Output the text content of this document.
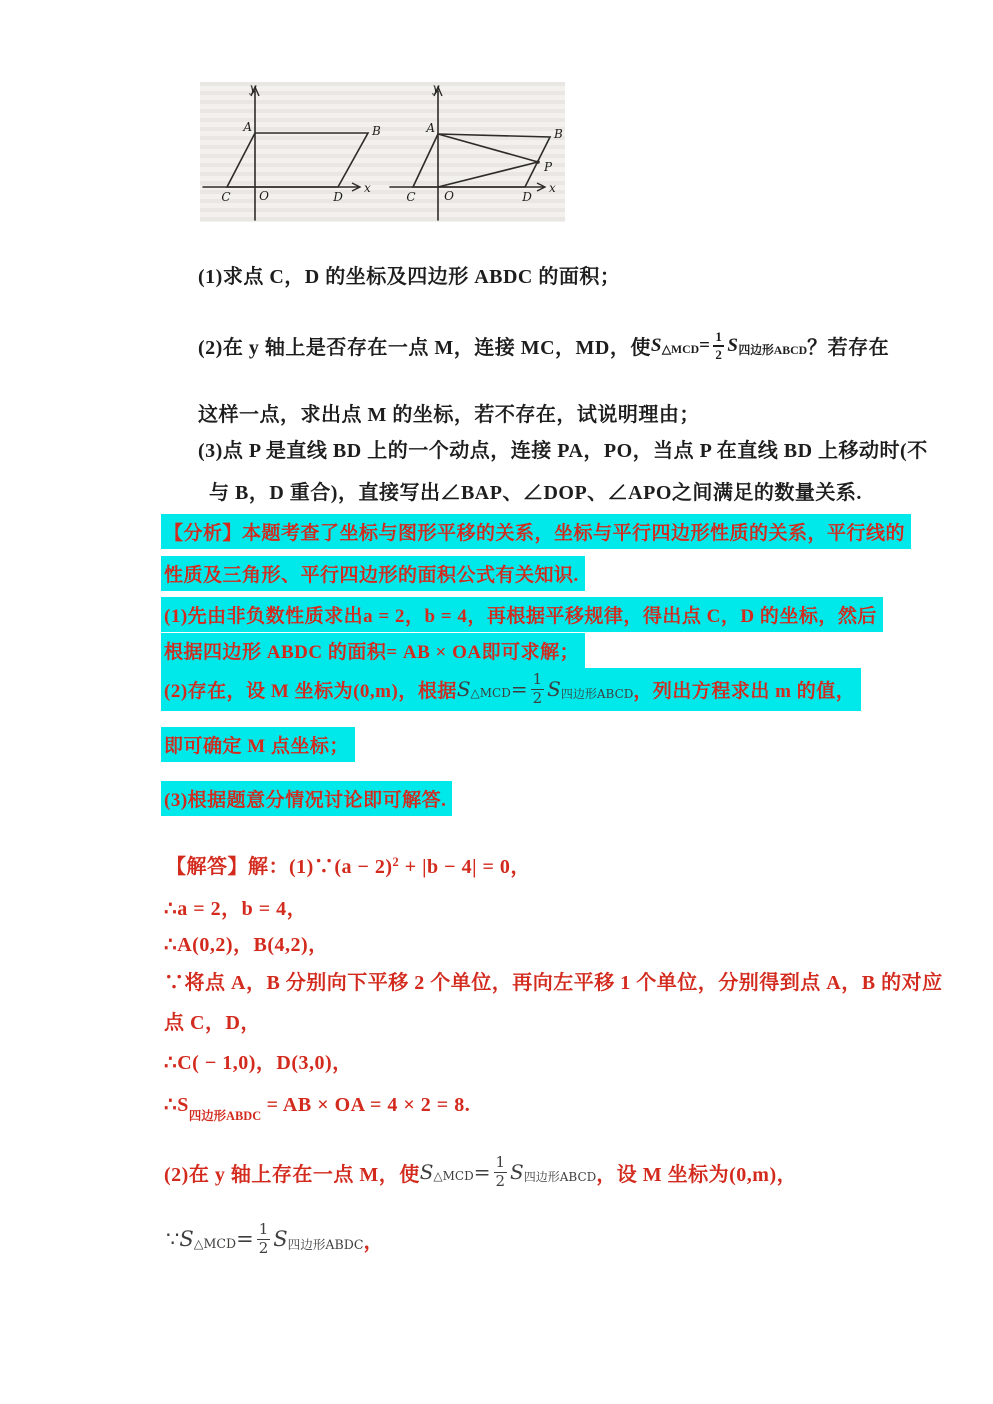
y
x
A	B
C	D
O
y
x
A	B
P
C	D
O
(1)求点 C，D 的坐标及四边形 ABDC 的面积；
(2)在 y 轴上是否存在一点 M，连接 MC，MD，使 S △MCD = $\frac{1}{2}$ S 四边形ABCD ？若存在
这样一点，求出点 M 的坐标，若不存在，试说明理由；
(3)点 P 是直线 BD 上的一个动点，连接 PA，PO，当点 P 在直线 BD 上移动时(不
与 B，D 重合)，直接写出∠BAP、∠DOP、∠APO之间满足的数量关系.
【分析】本题考查了坐标与图形平移的关系，坐标与平行四边形性质的关系，平行线的
性质及三角形、平行四边形的面积公式有关知识.
(1)先由非负数性质求出a = 2，b = 4，再根据平移规律，得出点 C，D 的坐标，然后
根据四边形 ABDC 的面积= AB × OA即可求解；
(2)存在，设 M 坐标为(0,m)，根据 S △MCD = $\frac{1}{2}$ S 四边形ABCD ，列出方程求出 m 的值，
即可确定 M 点坐标；
(3)根据题意分情况讨论即可解答.
【解答】解：(1)∵(a − 2)$^2$ + |b − 4| = 0，
∴a = 2，b = 4，
∴A(0,2)，B(4,2)，
∵将点 A，B 分别向下平移 2 个单位，再向左平移 1 个单位，分别得到点 A，B 的对应
点 C，D，
∴C( − 1,0)，D(3,0)，
$\therefore S_{四边形ABDC}$ = AB × OA = 4 × 2 = 8.
(2)在 y 轴上存在一点 M，使 S △MCD = $\frac{1}{2}$ S 四边形ABCD ，设 M 坐标为(0,m)，
∵ S △MCD = $\frac{1}{2}$ S 四边形ABDC ，
